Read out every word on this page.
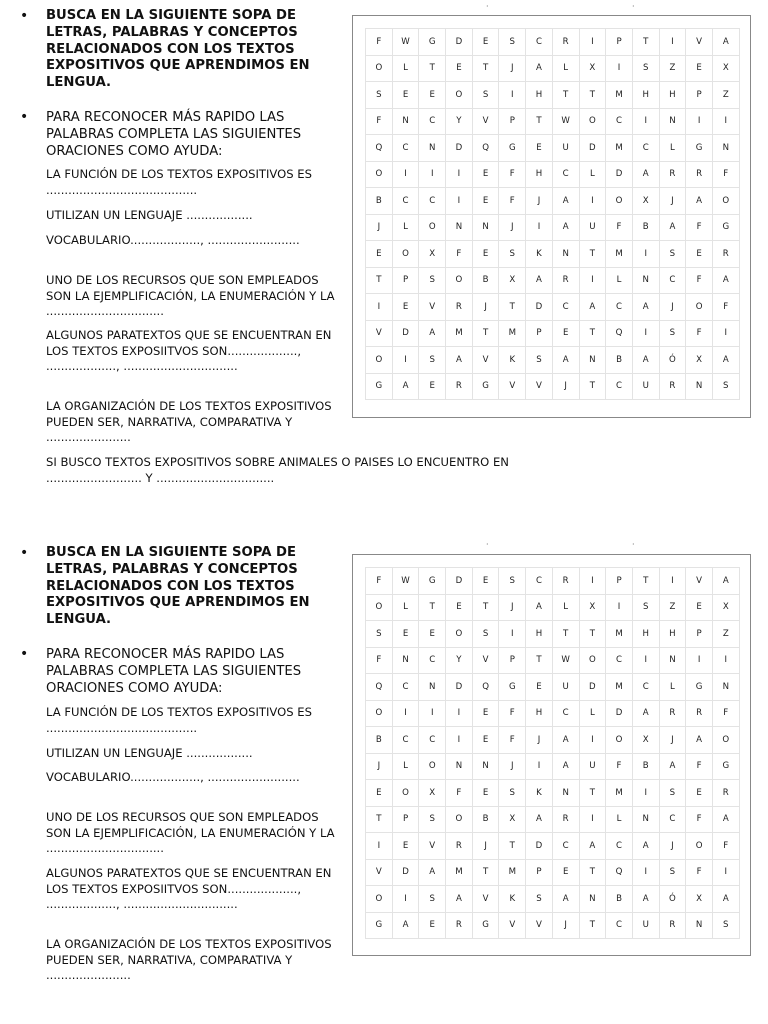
• BUSCA EN LA SIGUIENTE SOPA DE LETRAS, PALABRAS Y CONCEPTOS RELACIONADOS CON LOS TEXTOS EXPOSITIVOS QUE APRENDIMOS EN LENGUA.
• PARA RECONOCER MÁS RAPIDO LAS PALABRAS COMPLETA LAS SIGUIENTES ORACIONES COMO AYUDA:
LA FUNCIÓN DE LOS TEXTOS EXPOSITIVOS ES .........................................
UTILIZAN UN LENGUAJE ..................
VOCABULARIO..................., .........................
UNO DE LOS RECURSOS QUE SON EMPLEADOS SON LA EJEMPLIFICACIÓN, LA ENUMERACIÓN Y LA ................................
ALGUNOS PARATEXTOS QUE SE ENCUENTRAN EN LOS TEXTOS EXPOSIITVOS SON..................., ..................., ...............................
LA ORGANIZACIÓN DE LOS TEXTOS EXPOSITIVOS PUEDEN SER, NARRATIVA, COMPARATIVA Y .......................
SI BUSCO TEXTOS EXPOSITIVOS SOBRE ANIMALES O PAISES LO ENCUENTRO EN .......................... Y ................................
·	·
F	W	G	D	E	S	C	R	I	P	T	I	V	A
O	L	T	E	T	J	A	L	X	I	S	Z	E	X
S	E	E	O	S	I	H	T	T	M	H	H	P	Z
F	N	C	Y	V	P	T	W	O	C	I	N	I	I
Q	C	N	D	Q	G	E	U	D	M	C	L	G	N
O	I	I	I	E	F	H	C	L	D	A	R	R	F
B	C	C	I	E	F	J	A	I	O	X	J	A	O
J	L	O	N	N	J	I	A	U	F	B	A	F	G
E	O	X	F	E	S	K	N	T	M	I	S	E	R
T	P	S	O	B	X	A	R	I	L	N	C	F	A
I	E	V	R	J	T	D	C	A	C	A	J	O	F
V	D	A	M	T	M	P	E	T	Q	I	S	F	I
O	I	S	A	V	K	S	A	N	B	A	Ó	X	A
G	A	E	R	G	V	V	J	T	C	U	R	N	S
• BUSCA EN LA SIGUIENTE SOPA DE LETRAS, PALABRAS Y CONCEPTOS RELACIONADOS CON LOS TEXTOS EXPOSITIVOS QUE APRENDIMOS EN LENGUA.
• PARA RECONOCER MÁS RAPIDO LAS PALABRAS COMPLETA LAS SIGUIENTES ORACIONES COMO AYUDA:
LA FUNCIÓN DE LOS TEXTOS EXPOSITIVOS ES .........................................
UTILIZAN UN LENGUAJE ..................
VOCABULARIO..................., .........................
UNO DE LOS RECURSOS QUE SON EMPLEADOS SON LA EJEMPLIFICACIÓN, LA ENUMERACIÓN Y LA ................................
ALGUNOS PARATEXTOS QUE SE ENCUENTRAN EN LOS TEXTOS EXPOSIITVOS SON..................., ..................., ...............................
LA ORGANIZACIÓN DE LOS TEXTOS EXPOSITIVOS PUEDEN SER, NARRATIVA, COMPARATIVA Y .......................
·	·
F	W	G	D	E	S	C	R	I	P	T	I	V	A
O	L	T	E	T	J	A	L	X	I	S	Z	E	X
S	E	E	O	S	I	H	T	T	M	H	H	P	Z
F	N	C	Y	V	P	T	W	O	C	I	N	I	I
Q	C	N	D	Q	G	E	U	D	M	C	L	G	N
O	I	I	I	E	F	H	C	L	D	A	R	R	F
B	C	C	I	E	F	J	A	I	O	X	J	A	O
J	L	O	N	N	J	I	A	U	F	B	A	F	G
E	O	X	F	E	S	K	N	T	M	I	S	E	R
T	P	S	O	B	X	A	R	I	L	N	C	F	A
I	E	V	R	J	T	D	C	A	C	A	J	O	F
V	D	A	M	T	M	P	E	T	Q	I	S	F	I
O	I	S	A	V	K	S	A	N	B	A	Ó	X	A
G	A	E	R	G	V	V	J	T	C	U	R	N	S
